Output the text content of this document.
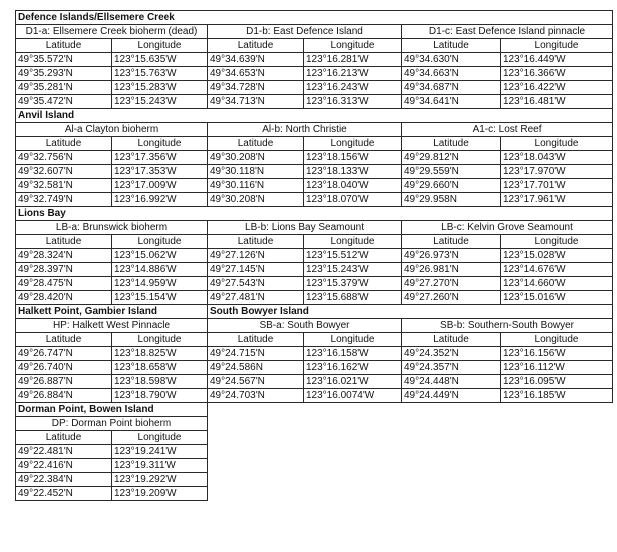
Defence Islands/Ellsemere Creek					
D1-a: Ellsemere Creek bioherm (dead)		D1-b: East Defence Island		D1-c: East Defence Island pinnacle	
Latitude	Longitude	Latitude	Longitude	Latitude	Longitude
49°35.572'N	123°15.635'W	49°34.639'N	123°16.281'W	49°34.630'N	123°16.449'W
49°35.293'N	123°15.763'W	49°34.653'N	123°16.213'W	49°34.663'N	123°16.366'W
49°35.281'N	123°15.283'W	49°34.728'N	123°16.243'W	49°34.687'N	123°16.422'W
49°35.472'N	123°15.243'W	49°34.713'N	123°16.313'W	49°34.641'N	123°16.481'W
Anvil Island					
Al-a Clayton bioherm		Al-b: North Christie		A1-c: Lost Reef	
Latitude	Longitude	Latitude	Longitude	Latitude	Longitude
49°32.756'N	123°17.356'W	49°30.208'N	123°18.156'W	49°29.812'N	123°18.043'W
49°32.607'N	123°17.353'W	49°30.118'N	123°18.133'W	49°29.559'N	123°17.970'W
49°32.581'N	123°17.009'W	49°30.116'N	123°18.040'W	49°29.660'N	123°17.701'W
49°32.749'N	123°16.992'W	49°30.208'N	123°18.070'W	49°29.958N	123°17.961'W
Lions Bay					
LB-a: Brunswick bioherm		LB-b: Lions Bay Seamount		LB-c: Kelvin Grove Seamount	
Latitude	Longitude	Latitude	Longitude	Latitude	Longitude
49°28.324'N	123°15.062'W	49°27.126'N	123°15.512'W	49°26.973'N	123°15.028'W
49°28.397'N	123°14.886'W	49°27.145'N	123°15.243'W	49°26.981'N	123°14.676'W
49°28.475'N	123°14.959'W	49°27.543'N	123°15.379'W	49°27.270'N	123°14.660'W
49°28.420'N	123°15.154'W	49°27.481'N	123°15.688'W	49°27.260'N	123°15.016'W
Halkett Point, Gambier Island		South Bowyer Island			
HP: Halkett West Pinnacle		SB-a: South Bowyer		SB-b: Southern-South Bowyer	
Latitude	Longitude	Latitude	Longitude	Latitude	Longitude
49°26.747'N	123°18.825'W	49°24.715'N	123°16.158'W	49°24.352'N	123°16.156'W
49°26.740'N	123°18.658'W	49°24.586N	123°16.162'W	49°24.357'N	123°16.112'W
49°26.887'N	123°18.598'W	49°24.567'N	123°16.021'W	49°24.448'N	123°16.095'W
49°26.884'N	123°18.790'W	49°24.703'N	123°16.0074'W	49°24.449'N	123°16.185'W
Dorman Point, Bowen Island					
DP: Dorman Point bioherm					
Latitude	Longitude				
49°22.481'N	123°19.241'W				
49°22.416'N	123°19.311'W				
49°22.384'N	123°19.292'W				
49°22.452'N	123°19.209'W				
